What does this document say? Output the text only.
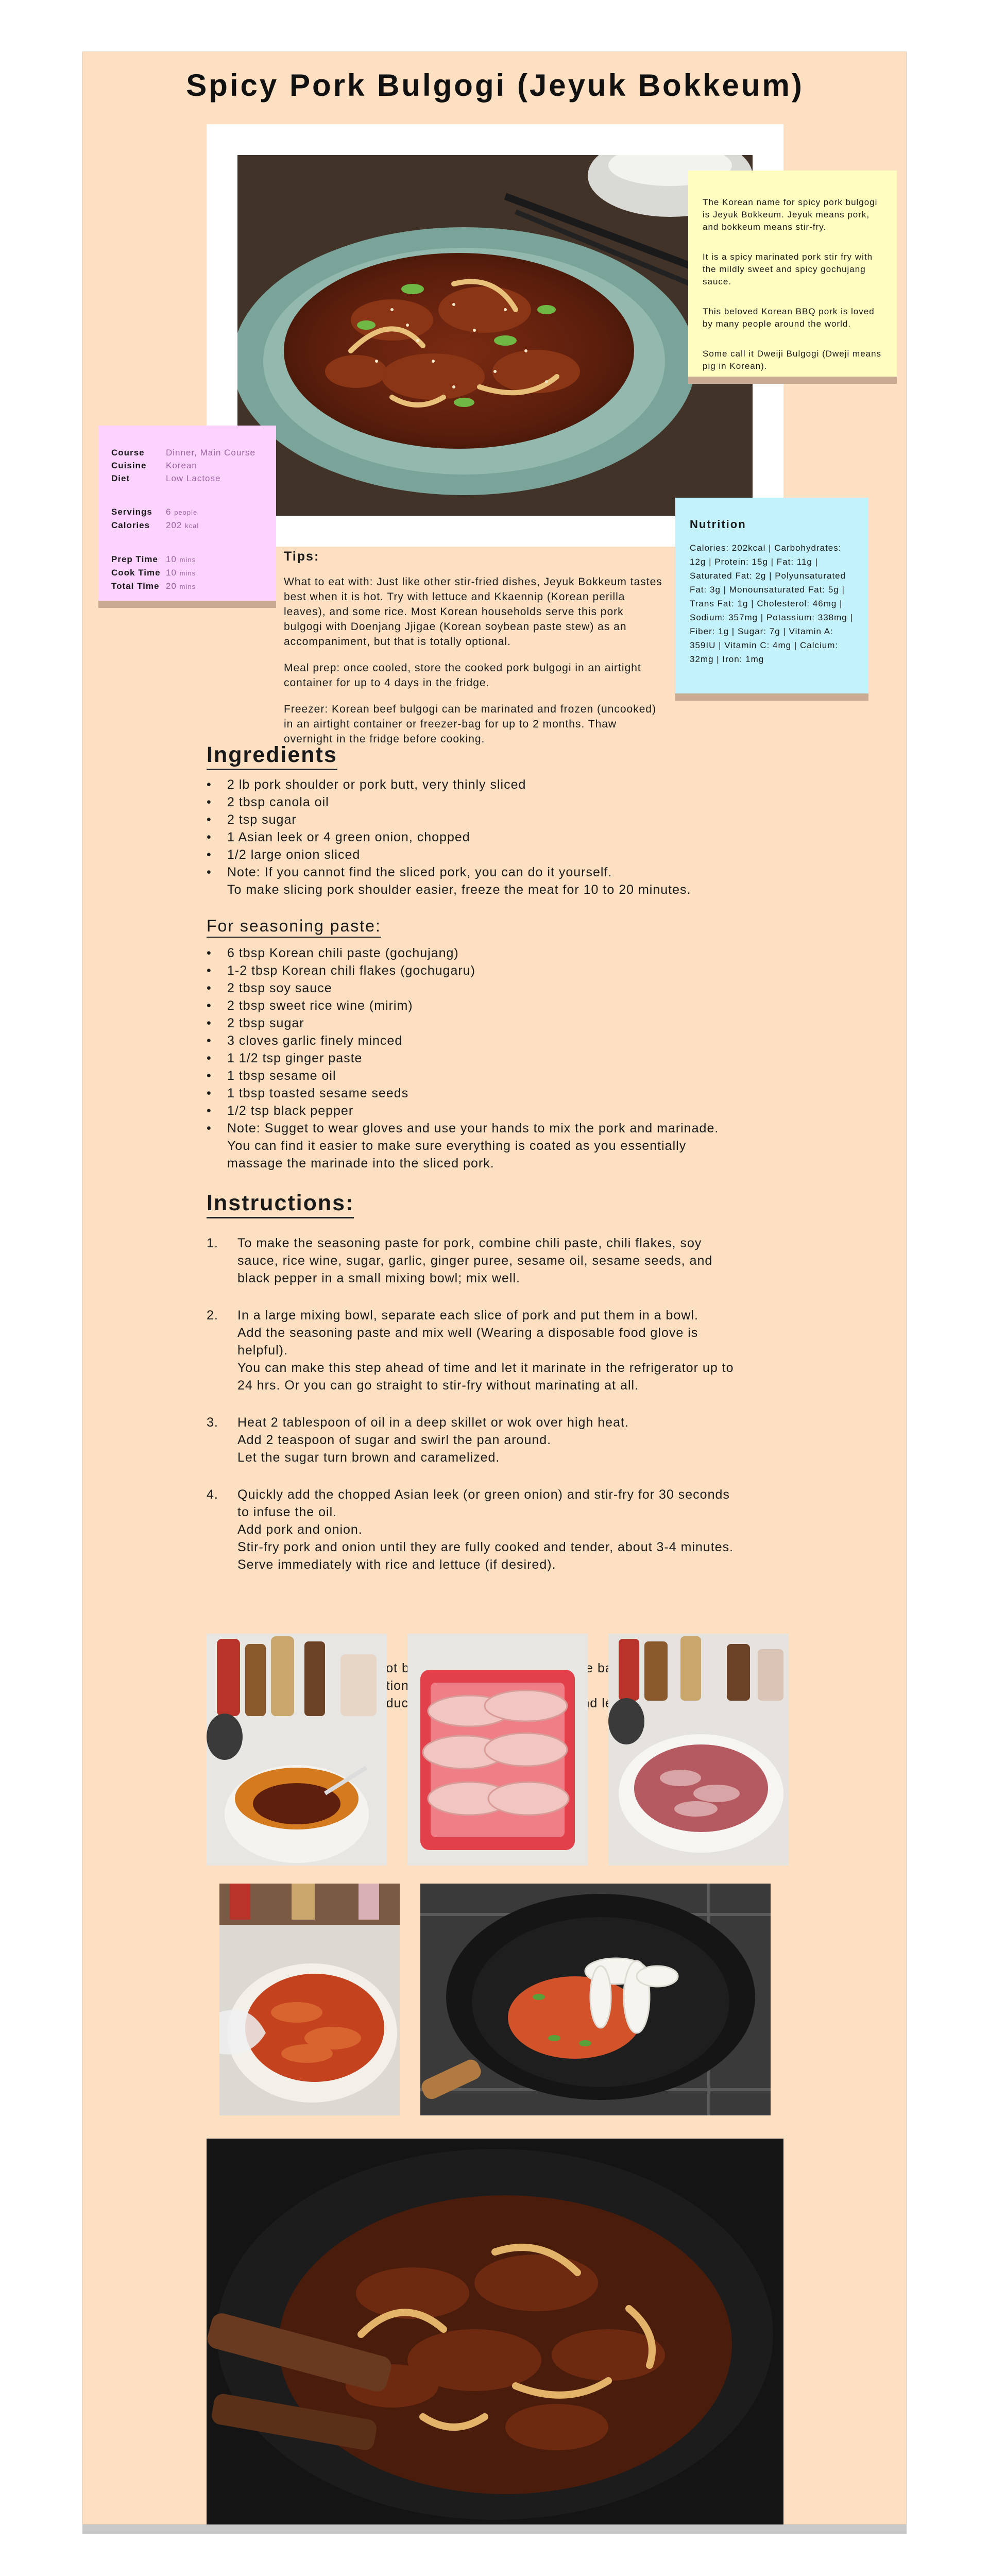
Spicy Pork Bulgogi (Jeyuk Bokkeum)

The Korean name for spicy pork bulgogi is Jeyuk Bokkeum. Jeyuk means pork, and bokkeum means stir-fry.

It is a spicy marinated pork stir fry with the mildly sweet and spicy gochujang sauce.

This beloved Korean BBQ pork is loved by many people around the world.

Some call it Dweiji Bulgogi (Dweji means pig in Korean).

Course	Dinner, Main Course
Cuisine	Korean
Diet	Low Lactose
Servings	6 people
Calories	202 kcal
Prep Time 10 mins
Cook Time 10 mins
Total Time 20 mins
Nutrition
Calories: 202kcal | Carbohydrates: 12g | Protein: 15g | Fat: 11g | Saturated Fat: 2g | Polyunsaturated Fat: 3g | Monounsaturated Fat: 5g | Trans Fat: 1g | Cholesterol: 46mg | Sodium: 357mg | Potassium: 338mg | Fiber: 1g | Sugar: 7g | Vitamin A: 359IU | Vitamin C: 4mg | Calcium: 32mg | Iron: 1mg
Tips:

What to eat with: Just like other stir-fried dishes, Jeyuk Bokkeum tastes best when it is hot. Try with lettuce and Kkaennip (Korean perilla leaves), and some rice. Most Korean households serve this pork bulgogi with Doenjang Jjigae (Korean soybean paste stew) as an accompaniment, but that is totally optional.

Meal prep: once cooled, store the cooked pork bulgogi in an airtight container for up to 4 days in the fridge.

Freezer: Korean beef bulgogi can be marinated and frozen (uncooked) in an airtight container or freezer-bag for up to 2 months. Thaw overnight in the fridge before cooking.

Ingredients
• 2 lb pork shoulder or pork butt, very thinly sliced
• 2 tbsp canola oil
• 2 tsp sugar
• 1 Asian leek or 4 green onion, chopped
• 1/2 large onion sliced
• Note: If you cannot find the sliced pork, you can do it yourself.
To make slicing pork shoulder easier, freeze the meat for 10 to 20 minutes.
For seasoning paste:
• 6 tbsp Korean chili paste (gochujang)
• 1-2 tbsp Korean chili flakes (gochugaru)
• 2 tbsp soy sauce
• 2 tbsp sweet rice wine (mirim)
• 2 tbsp sugar
• 3 cloves garlic finely minced
• 1 1/2 tsp ginger paste
• 1 tbsp sesame oil
• 1 tbsp toasted sesame seeds
• 1/2 tsp black pepper
• Note: Sugget to wear gloves and use your hands to mix the pork and marinade.
You can find it easier to make sure everything is coated as you essentially
massage the marinade into the sliced pork.
Instructions:
1. To make the seasoning paste for pork, combine chili paste, chili flakes, soy
sauce, rice wine, sugar, garlic, ginger puree, sesame oil, sesame seeds, and
black pepper in a small mixing bowl; mix well.
2. In a large mixing bowl, separate each slice of pork and put them in a bowl.
Add the seasoning paste and mix well (Wearing a disposable food glove is
helpful).
You can make this step ahead of time and let it marinate in the refrigerator up to
24 hrs. Or you can go straight to stir-fry without marinating at all.
3. Heat 2 tablespoon of oil in a deep skillet or wok over high heat.
Add 2 teaspoon of sugar and swirl the pan around.
Let the sugar turn brown and caramelized.
4. Quickly add the chopped Asian leek (or green onion) and stir-fry for 30 seconds
to infuse the oil.
Add pork and onion.
Stir-fry pork and onion until they are fully cooked and tender, about 3-4 minutes.
Serve immediately with rice and lettuce (if desired).
not
portion
reduce
